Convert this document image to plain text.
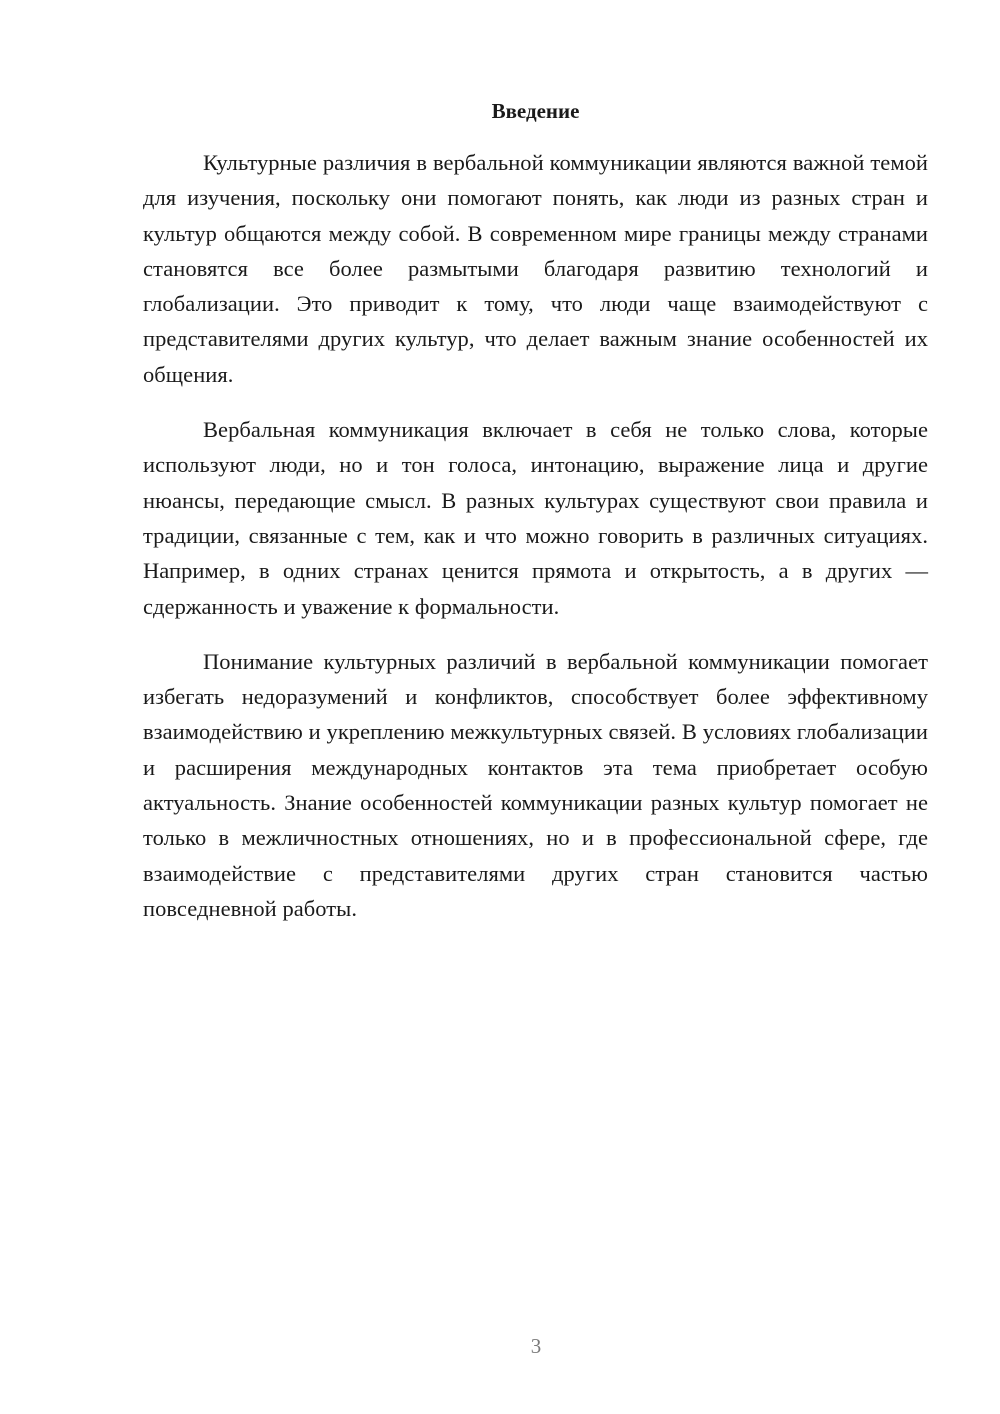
Введение

Культурные различия в вербальной коммуникации являются важной темой для изучения, поскольку они помогают понять, как люди из разных стран и культур общаются между собой. В современном мире границы между странами становятся все более размытыми благодаря развитию технологий и глобализации. Это приводит к тому, что люди чаще взаимодействуют с представителями других культур, что делает важным знание особенностей их общения.

Вербальная коммуникация включает в себя не только слова, которые используют люди, но и тон голоса, интонацию, выражение лица и другие нюансы, передающие смысл. В разных культурах существуют свои правила и традиции, связанные с тем, как и что можно говорить в различных ситуациях. Например, в одних странах ценится прямота и открытость, а в других — сдержанность и уважение к формальности.

Понимание культурных различий в вербальной коммуникации помогает избегать недоразумений и конфликтов, способствует более эффективному взаимодействию и укреплению межкультурных связей. В условиях глобализации и расширения международных контактов эта тема приобретает особую актуальность. Знание особенностей коммуникации разных культур помогает не только в межличностных отношениях, но и в профессиональной сфере, где взаимодействие с представителями других стран становится частью повседневной работы.

3
